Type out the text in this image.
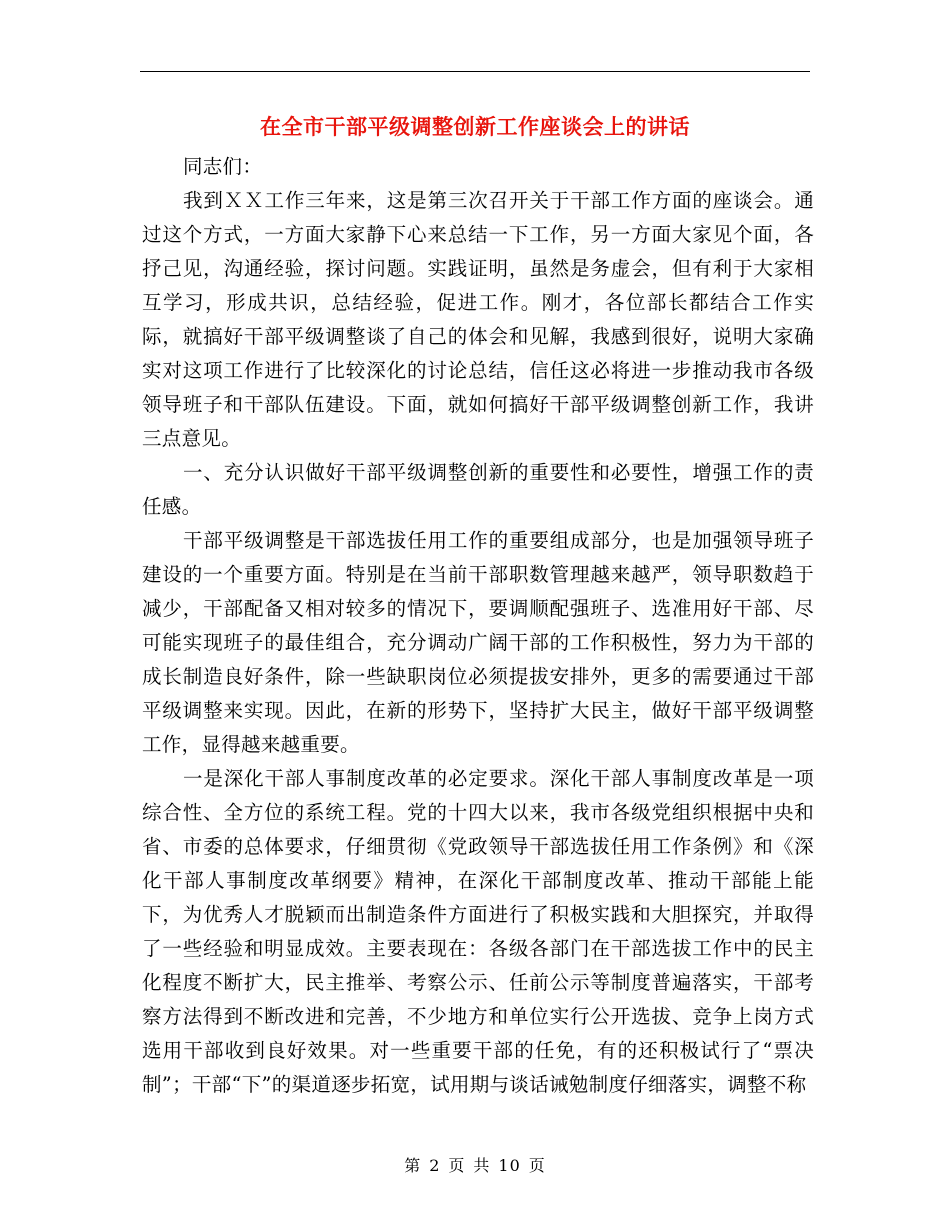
在全市干部平级调整创新工作座谈会上的讲话

同志们：

我到ＸＸ工作三年来，这是第三次召开关于干部工作方面的座谈会。通过这个方式，一方面大家静下心来总结一下工作，另一方面大家见个面，各抒己见，沟通经验，探讨问题。实践证明，虽然是务虚会，但有利于大家相互学习，形成共识，总结经验，促进工作。刚才，各位部长都结合工作实际，就搞好干部平级调整谈了自己的体会和见解，我感到很好，说明大家确实对这项工作进行了比较深化的讨论总结，信任这必将进一步推动我市各级领导班子和干部队伍建设。下面，就如何搞好干部平级调整创新工作，我讲三点意见。

一、充分认识做好干部平级调整创新的重要性和必要性，增强工作的责任感。

干部平级调整是干部选拔任用工作的重要组成部分，也是加强领导班子建设的一个重要方面。特别是在当前干部职数管理越来越严，领导职数趋于减少，干部配备又相对较多的情况下，要调顺配强班子、选准用好干部、尽可能实现班子的最佳组合，充分调动广阔干部的工作积极性，努力为干部的成长制造良好条件，除一些缺职岗位必须提拔安排外，更多的需要通过干部平级调整来实现。因此，在新的形势下，坚持扩大民主，做好干部平级调整工作，显得越来越重要。

一是深化干部人事制度改革的必定要求。深化干部人事制度改革是一项综合性、全方位的系统工程。党的十四大以来，我市各级党组织根据中央和省、市委的总体要求，仔细贯彻《党政领导干部选拔任用工作条例》和《深化干部人事制度改革纲要》精神，在深化干部制度改革、推动干部能上能下，为优秀人才脱颖而出制造条件方面进行了积极实践和大胆探究，并取得了一些经验和明显成效。主要表现在：各级各部门在干部选拔工作中的民主化程度不断扩大，民主推举、考察公示、任前公示等制度普遍落实，干部考察方法得到不断改进和完善，不少地方和单位实行公开选拔、竞争上岗方式选用干部收到良好效果。对一些重要干部的任免，有的还积极试行了“票决制”；干部“下”的渠道逐步拓宽，试用期与谈话诫勉制度仔细落实，调整不称

第 2 页 共 10 页
